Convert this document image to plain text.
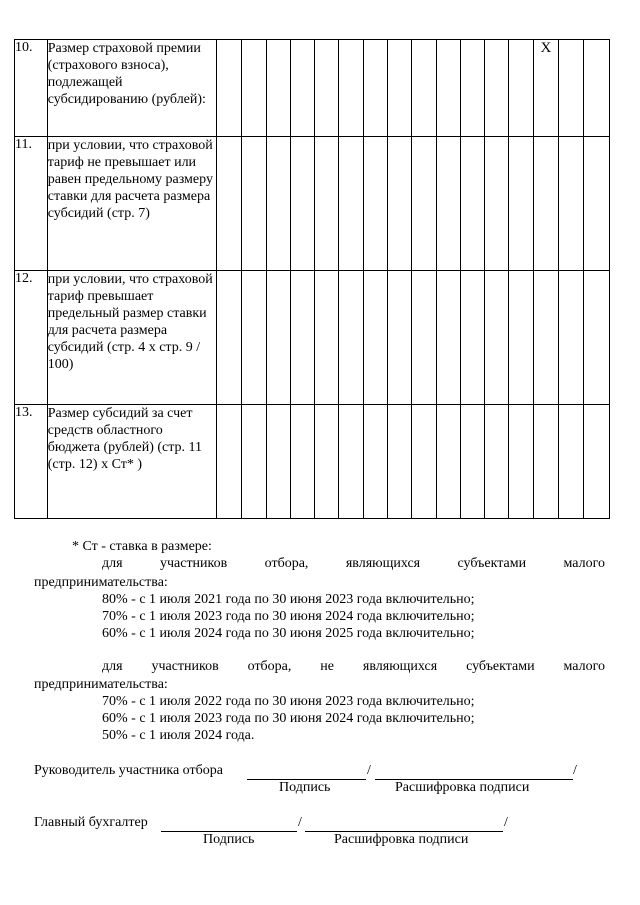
10.	Размер страховой премии (страхового взноса), подлежащей субсидированию (рублей):														X		
11.	при условии, что страховой тариф не превышает или равен предельному размеру ставки для расчета размера субсидий (стр. 7)																
12.	при условии, что страховой тариф превышает предельный размер ставки для расчета размера субсидий (стр. 4 х стр. 9 / 100)																
13.	Размер субсидий за счет средств областного бюджета (рублей) (стр. 11 (стр. 12) х Ст* )																
* Ст - ставка в размере:
для	участников	отбора,	являющихся	субъектами	малого
предпринимательства:
80% - с 1 июля 2021 года по 30 июня 2023 года включительно;
70% - с 1 июля 2023 года по 30 июня 2024 года включительно;
60% - с 1 июля 2024 года по 30 июня 2025 года включительно;
для участников отбора, не являющихся субъектами малого
предпринимательства:
70% - с 1 июля 2022 года по 30 июня 2023 года включительно;
60% - с 1 июля 2023 года по 30 июня 2024 года включительно;
50% - с 1 июля 2024 года.
Руководитель участника отбора	/	/
Подпись	Расшифровка подписи
Главный бухгалтер	/	/
Подпись	Расшифровка подписи
